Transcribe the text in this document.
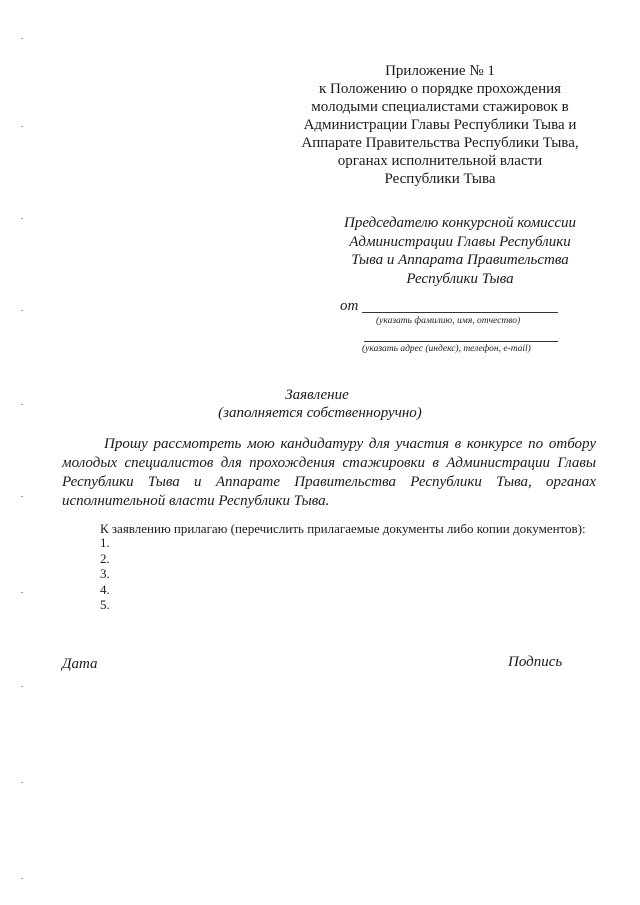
Приложение № 1
к Положению о порядке прохождения
молодыми специалистами стажировок в
Администрации Главы Республики Тыва и
Аппарате Правительства Республики Тыва,
органах исполнительной власти
Республики Тыва
Председателю конкурсной комиссии
Администрации Главы Республики
Тыва и Аппарата Правительства
Республики Тыва
от
(указать фамилию, имя, отчество)
(указать адрес (индекс), телефон, e-mail)
Заявление
(заполняется собственноручно)
Прошу рассмотреть мою кандидатуру для участия в конкурсе по отбору молодых специалистов для прохождения стажировки в Администрации Главы Республики Тыва и Аппарате Правительства Республики Тыва, органах исполнительной власти Республики Тыва.
К заявлению прилагаю (перечислить прилагаемые документы либо копии документов):
1.
2.
3.
4.
5.
Дата	Подпись
